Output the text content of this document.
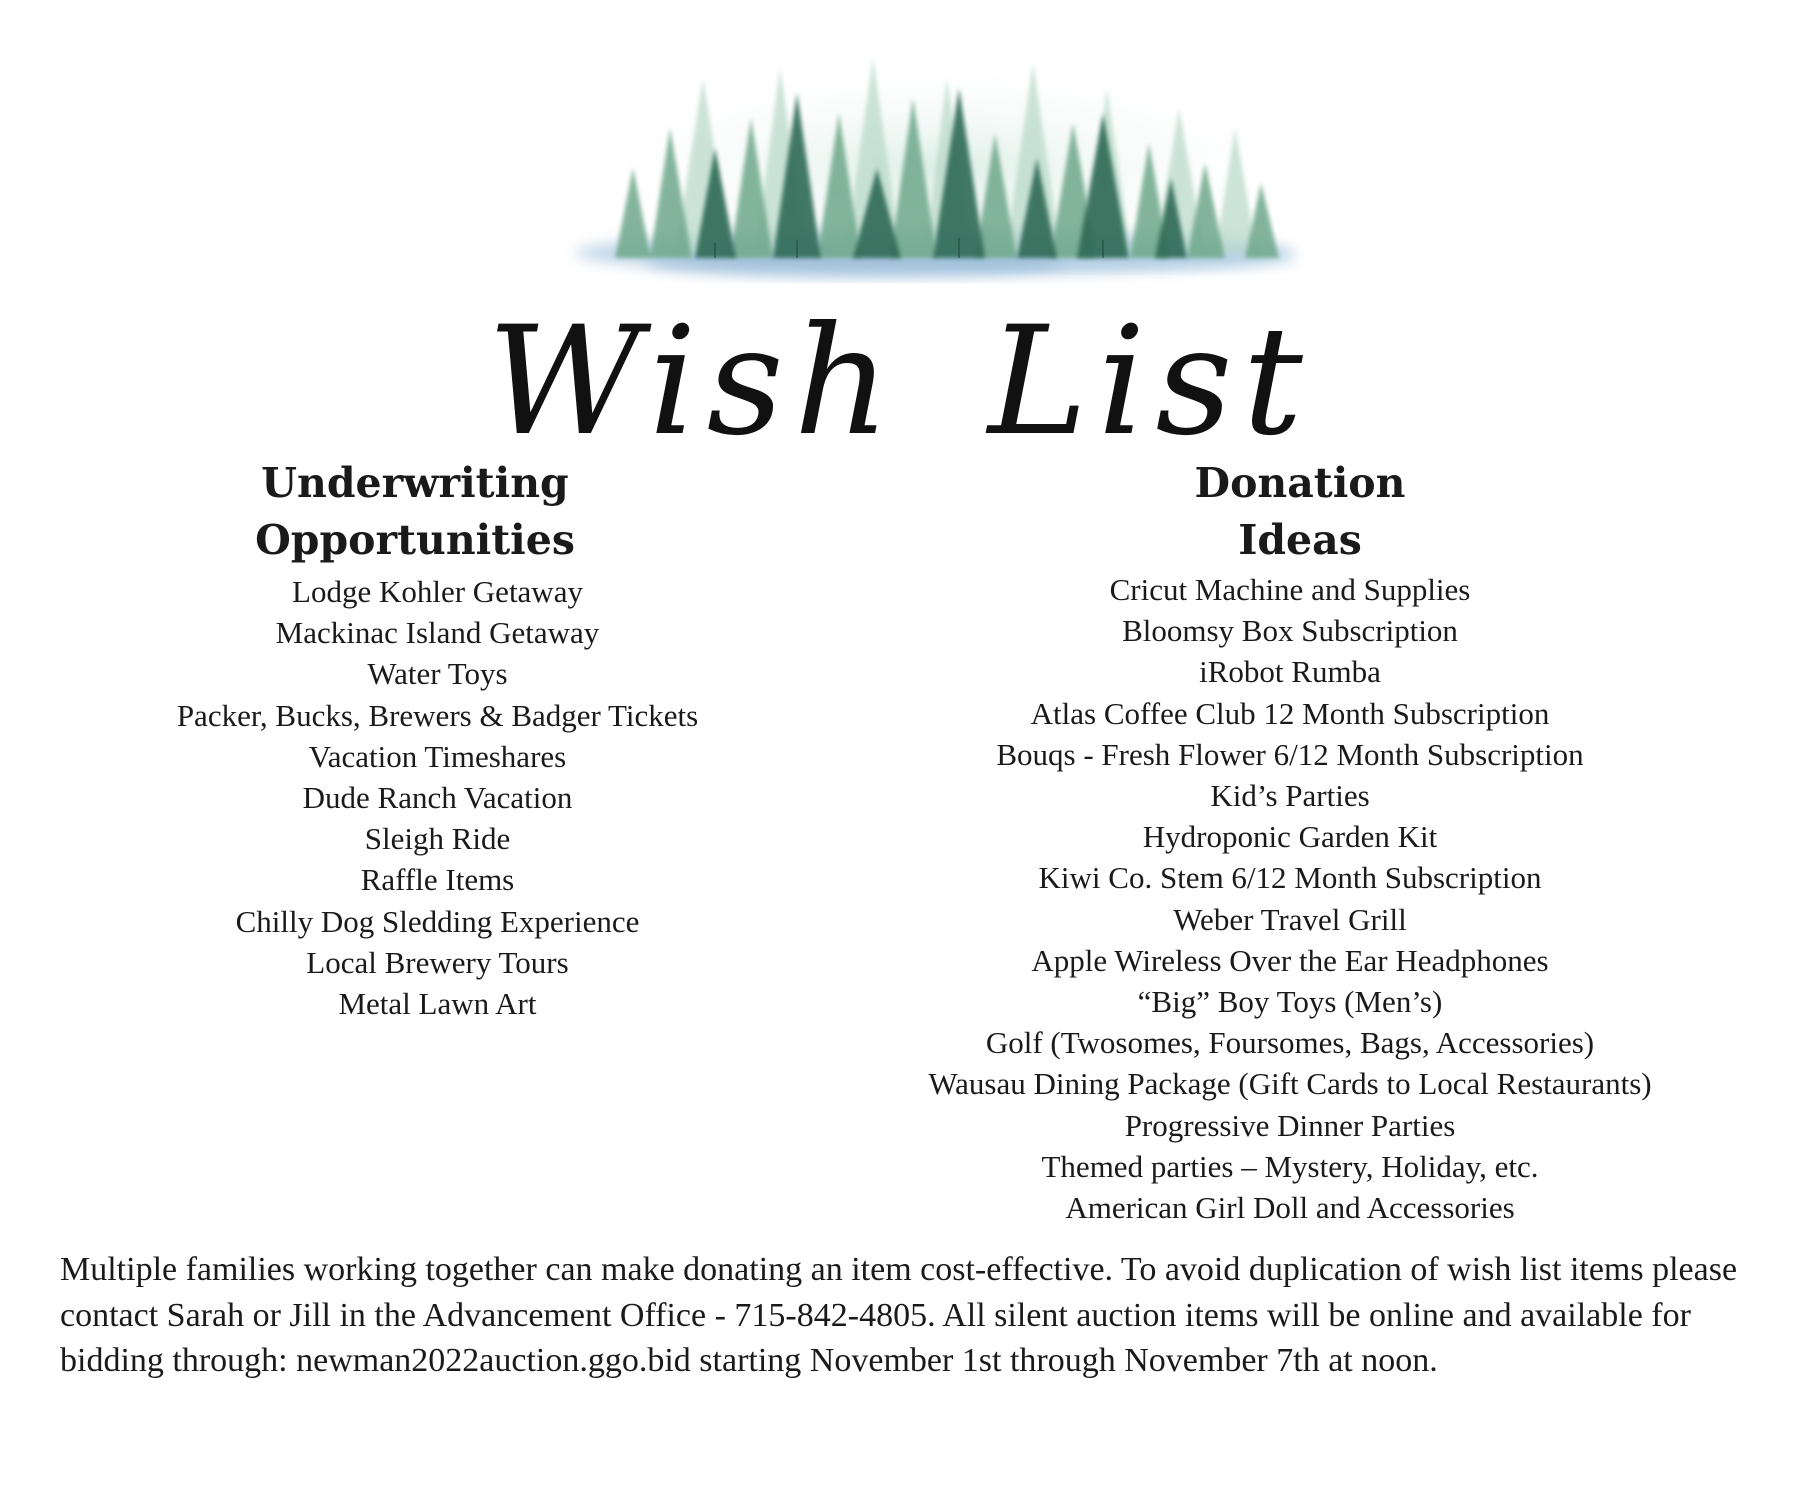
Wish List
Underwriting
Opportunities
Lodge Kohler Getaway
Mackinac Island Getaway
Water Toys
Packer, Bucks, Brewers & Badger Tickets
Vacation Timeshares
Dude Ranch Vacation
Sleigh Ride
Raffle Items
Chilly Dog Sledding Experience
Local Brewery Tours
Metal Lawn Art
Donation
Ideas
Cricut Machine and Supplies
Bloomsy Box Subscription
iRobot Rumba
Atlas Coffee Club 12 Month Subscription
Bouqs - Fresh Flower 6/12 Month Subscription
Kid’s Parties
Hydroponic Garden Kit
Kiwi Co. Stem 6/12 Month Subscription
Weber Travel Grill
Apple Wireless Over the Ear Headphones
“Big” Boy Toys (Men’s)
Golf (Twosomes, Foursomes, Bags, Accessories)
Wausau Dining Package (Gift Cards to Local Restaurants)
Progressive Dinner Parties
Themed parties – Mystery, Holiday, etc.
American Girl Doll and Accessories

Multiple families working together can make donating an item cost-effective. To avoid duplication of wish list items please contact Sarah or Jill in the Advancement Office - 715-842-4805. All silent auction items will be online and available for bidding through: newman2022auction.ggo.bid starting November 1st through November 7th at noon.
